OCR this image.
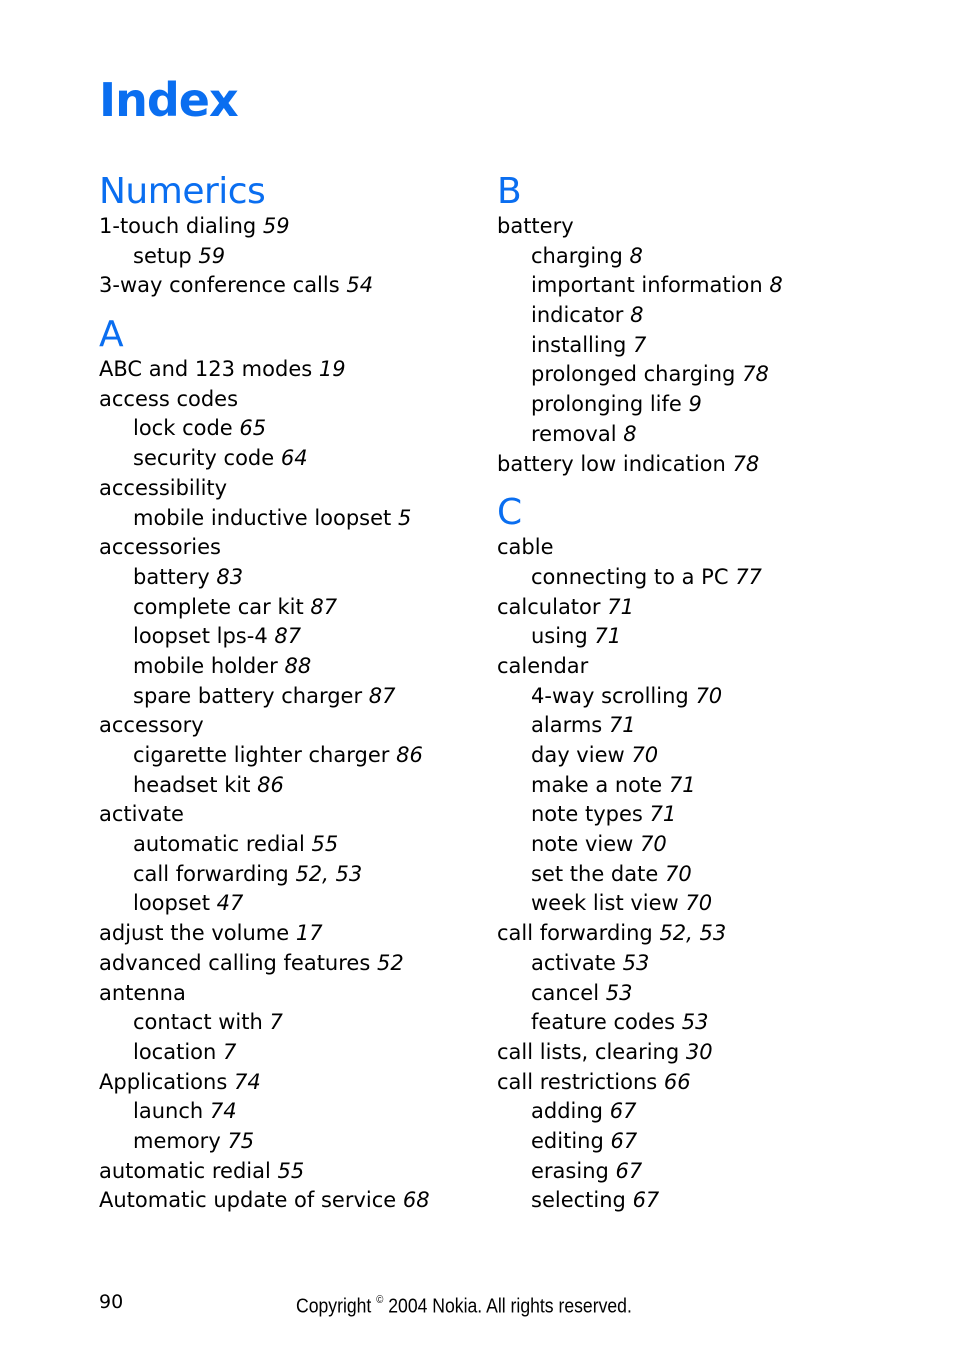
Index
Numerics
1-touch dialing 59
setup 59
3-way conference calls 54
A
ABC and 123 modes 19
access codes
lock code 65
security code 64
accessibility
mobile inductive loopset 5
accessories
battery 83
complete car kit 87
loopset lps-4 87
mobile holder 88
spare battery charger 87
accessory
cigarette lighter charger 86
headset kit 86
activate
automatic redial 55
call forwarding 52, 53
loopset 47
adjust the volume 17
advanced calling features 52
antenna
contact with 7
location 7
Applications 74
launch 74
memory 75
automatic redial 55
Automatic update of service 68
B
battery
charging 8
important information 8
indicator 8
installing 7
prolonged charging 78
prolonging life 9
removal 8
battery low indication 78
C
cable
connecting to a PC 77
calculator 71
using 71
calendar
4-way scrolling 70
alarms 71
day view 70
make a note 71
note types 71
note view 70
set the date 70
week list view 70
call forwarding 52, 53
activate 53
cancel 53
feature codes 53
call lists, clearing 30
call restrictions 66
adding 67
editing 67
erasing 67
selecting 67
90	Copyright © 2004 Nokia. All rights reserved.
